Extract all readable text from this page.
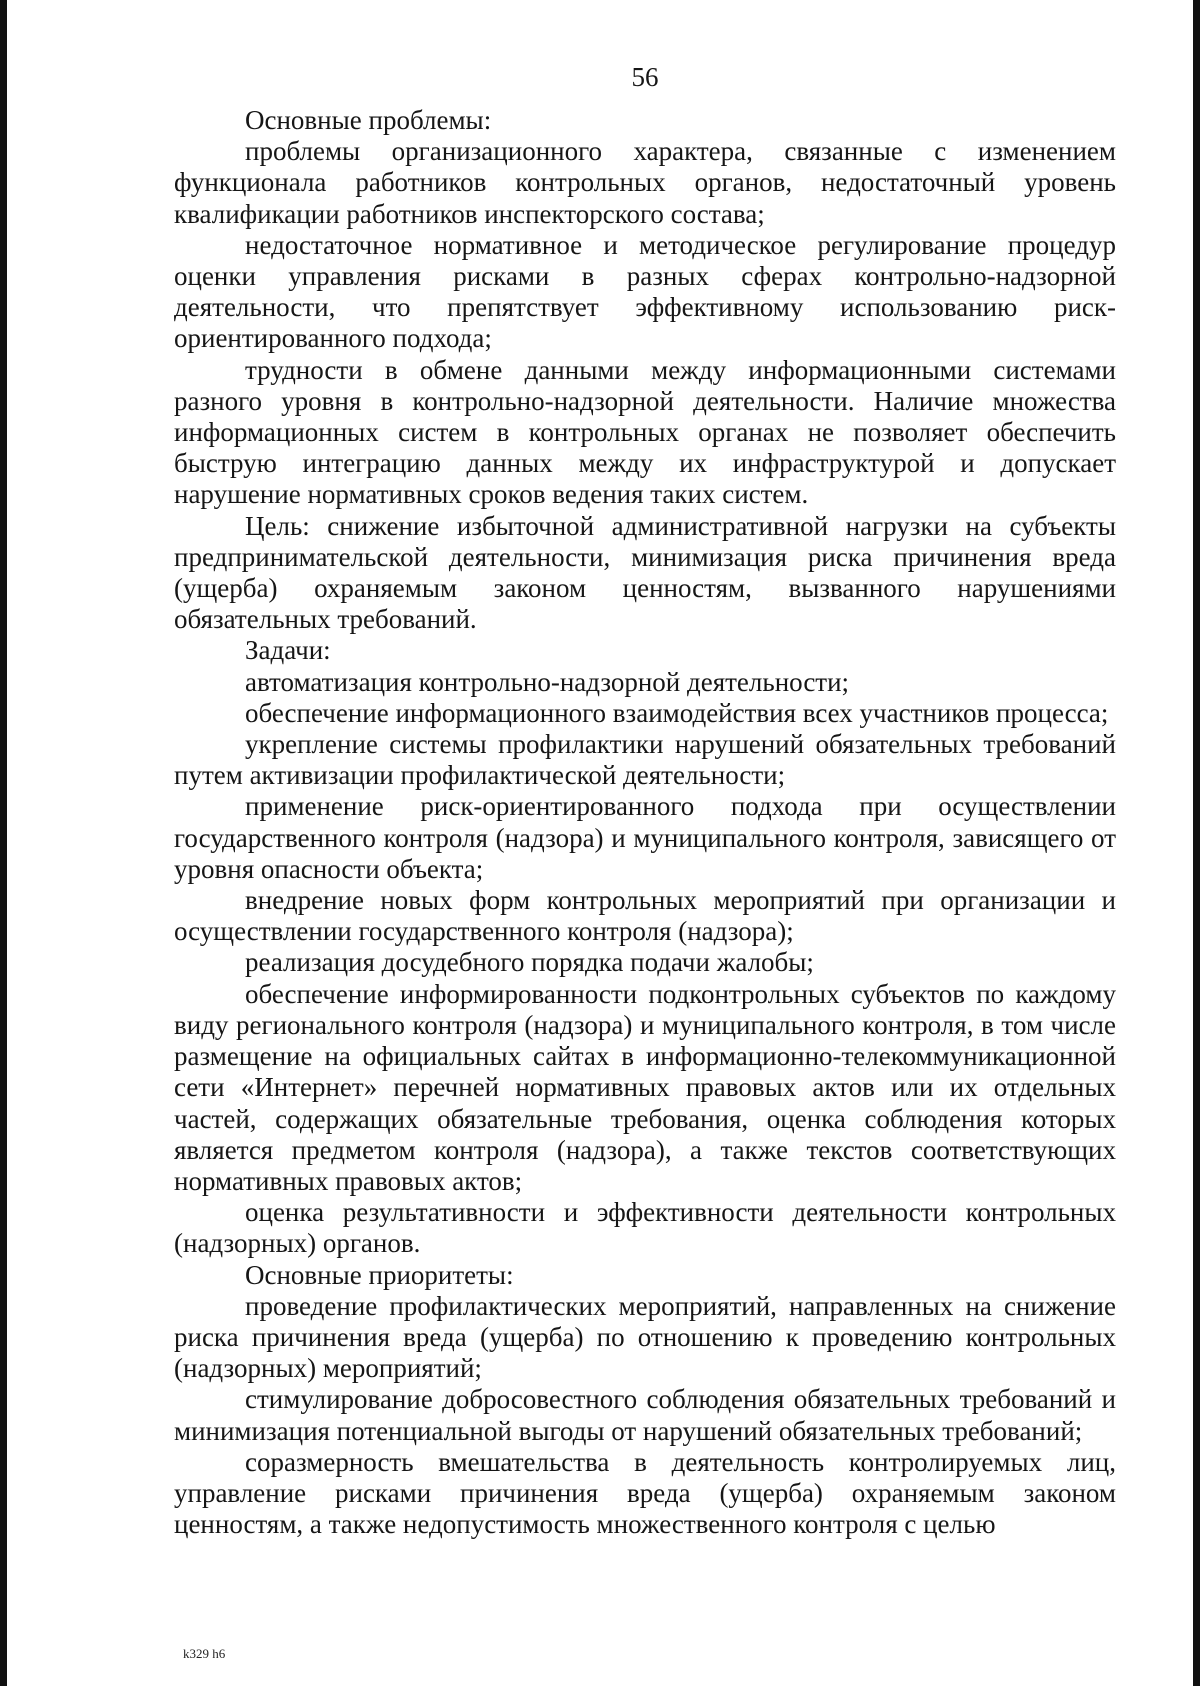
56

Основные проблемы:

проблемы организационного характера, связанные с изменением функционала работников контрольных органов, недостаточный уровень квалификации работников инспекторского состава;

недостаточное нормативное и методическое регулирование процедур оценки управления рисками в разных сферах контрольно-надзорной деятельности, что препятствует эффективному использованию риск-ориентированного подхода;

трудности в обмене данными между информационными системами разного уровня в контрольно-надзорной деятельности. Наличие множества информационных систем в контрольных органах не позволяет обеспечить быструю интеграцию данных между их инфраструктурой и допускает нарушение нормативных сроков ведения таких систем.

Цель: снижение избыточной административной нагрузки на субъекты предпринимательской деятельности, минимизация риска причинения вреда (ущерба) охраняемым законом ценностям, вызванного нарушениями обязательных требований.

Задачи:

автоматизация контрольно-надзорной деятельности;

обеспечение информационного взаимодействия всех участников процесса;

укрепление системы профилактики нарушений обязательных требований путем активизации профилактической деятельности;

применение риск-ориентированного подхода при осуществлении государственного контроля (надзора) и муниципального контроля, зависящего от уровня опасности объекта;

внедрение новых форм контрольных мероприятий при организации и осуществлении государственного контроля (надзора);

реализация досудебного порядка подачи жалобы;

обеспечение информированности подконтрольных субъектов по каждому виду регионального контроля (надзора) и муниципального контроля, в том числе размещение на официальных сайтах в информационно-телекоммуникационной сети «Интернет» перечней нормативных правовых актов или их отдельных частей, содержащих обязательные требования, оценка соблюдения которых является предметом контроля (надзора), а также текстов соответствующих нормативных правовых актов;

оценка результативности и эффективности деятельности контрольных (надзорных) органов.

Основные приоритеты:

проведение профилактических мероприятий, направленных на снижение риска причинения вреда (ущерба) по отношению к проведению контрольных (надзорных) мероприятий;

стимулирование добросовестного соблюдения обязательных требований и минимизация потенциальной выгоды от нарушений обязательных требований;

соразмерность вмешательства в деятельность контролируемых лиц, управление рисками причинения вреда (ущерба) охраняемым законом ценностям, а также недопустимость множественного контроля с целью

k329 h6
